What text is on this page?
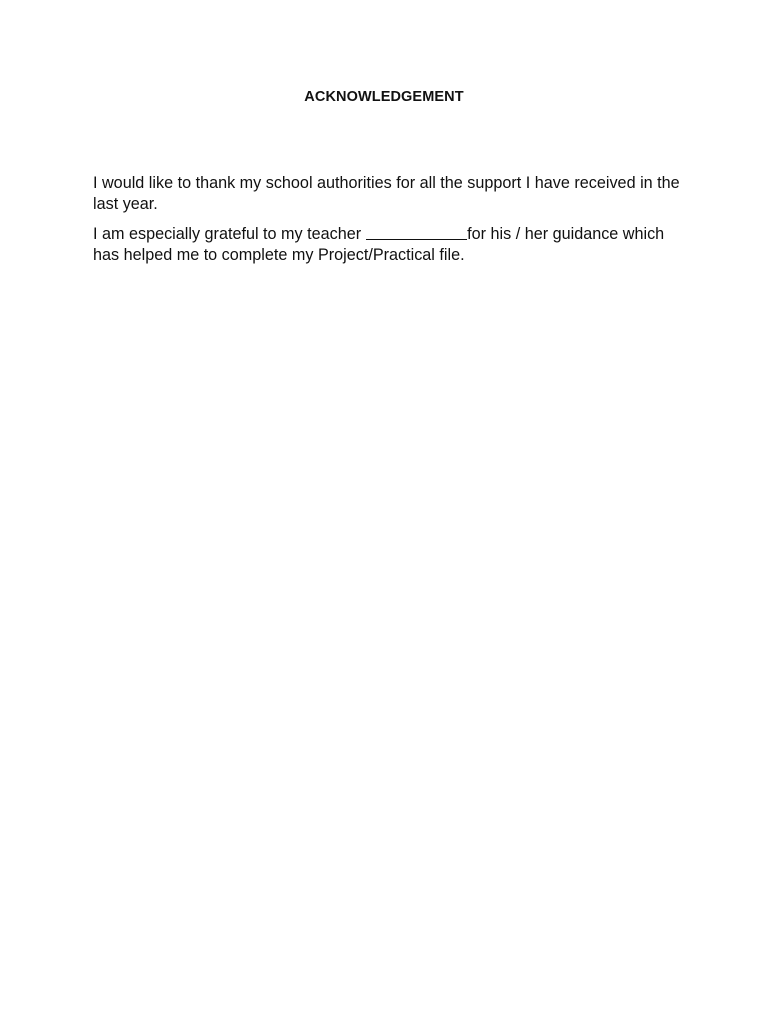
ACKNOWLEDGEMENT

I would like to thank my school authorities for all the support I have received in the last year.

I am especially grateful to my teacher	for his / her guidance which has helped me to complete my Project/Practical file.
